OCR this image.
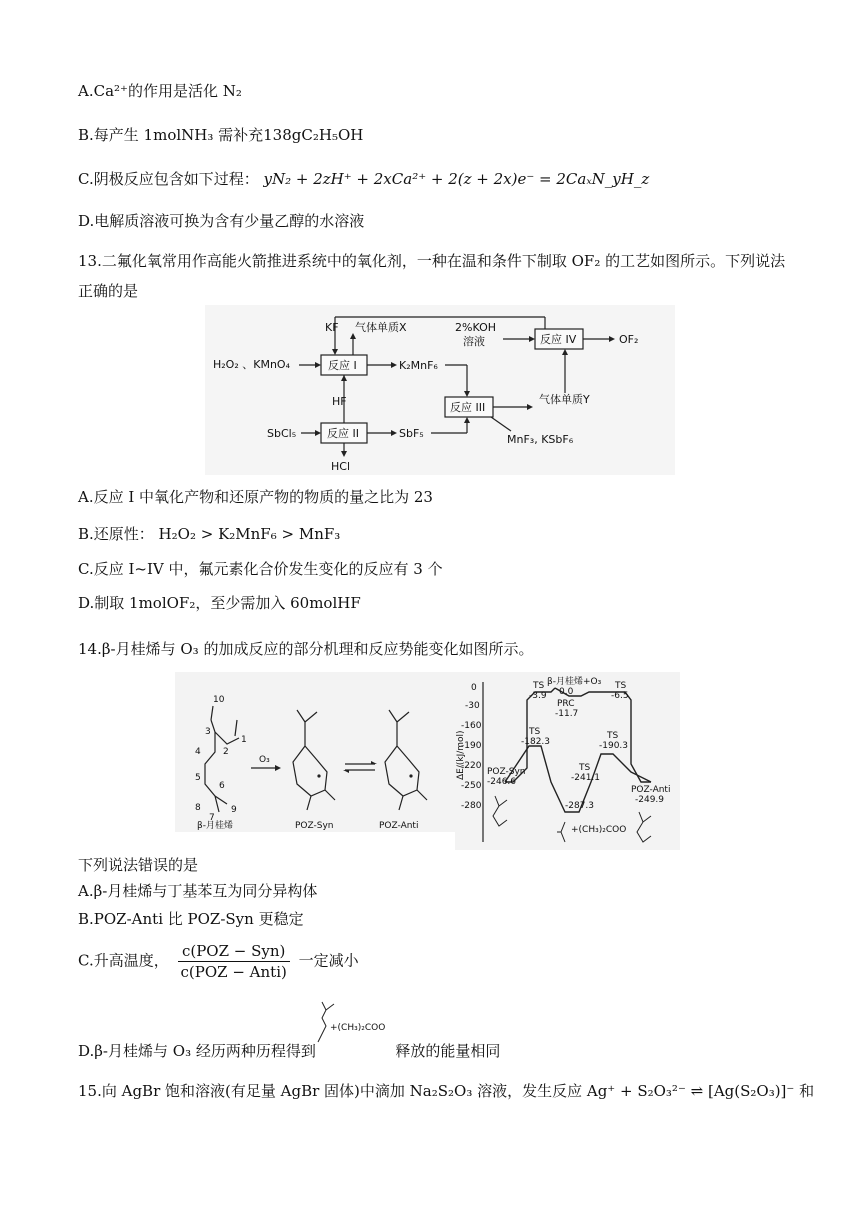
A.Ca²⁺的作用是活化 N₂
B.每产生 1molNH₃ 需补充138gC₂H₅OH
C.阴极反应包含如下过程： yN₂ + 2zH⁺ + 2xCa²⁺ + 2(z + 2x)e⁻ = 2CaₓN_yH_z
D.电解质溶液可换为含有少量乙醇的水溶液
13.二氟化氧常用作高能火箭推进系统中的氧化剂，一种在温和条件下制取 OF₂ 的工艺如图所示。下列说法
正确的是
KF 气体单质X
H₂O₂ 、KMnO₄	反应 I	K₂MnF₆
HF
SbCl₅	反应 II	SbF₅
HCl
反应 III
气体单质Y
MnF₃, KSbF₆
2%KOH
溶液	反应 IV	OF₂
A.反应 I 中氧化产物和还原产物的物质的量之比为 23
B.还原性： H₂O₂ > K₂MnF₆ > MnF₃
C.反应 I~IV 中，氟元素化合价发生变化的反应有 3 个
D.制取 1molOF₂，至少需加入 60molHF
14.β-月桂烯与 O₃ 的加成反应的部分机理和反应势能变化如图所示。
10
3
2
1
4
5
6
7
8	9
O₃
β-月桂烯	POZ-Syn	POZ-Anti
ΔE/(kJ/mol)
0
-30
-160
-190
-220
-250
-280
β-月桂烯+O₃
0.0
PRC
-11.7
TS
-3.9
TS
-6.5
TS
-182.3
TS
-190.3
TS
-241.1
POZ-Syn
-246.6
POZ-Anti
-249.9
-287.3
+(CH₃)₂COO
下列说法错误的是
A.β-月桂烯与丁基苯互为同分异构体
B.POZ-Anti 比 POZ-Syn 更稳定
C.升高温度， $\frac{\text{c(POZ − Syn)}}{\text{c(POZ − Anti)}}$ 一定减小
+(CH₃)₂COO
D.β-月桂烯与 O₃ 经历两种历程得到	释放的能量相同
15.向 AgBr 饱和溶液(有足量 AgBr 固体)中滴加 Na₂S₂O₃ 溶液，发生反应 Ag⁺ + S₂O₃²⁻ ⇌ [Ag(S₂O₃)]⁻ 和
